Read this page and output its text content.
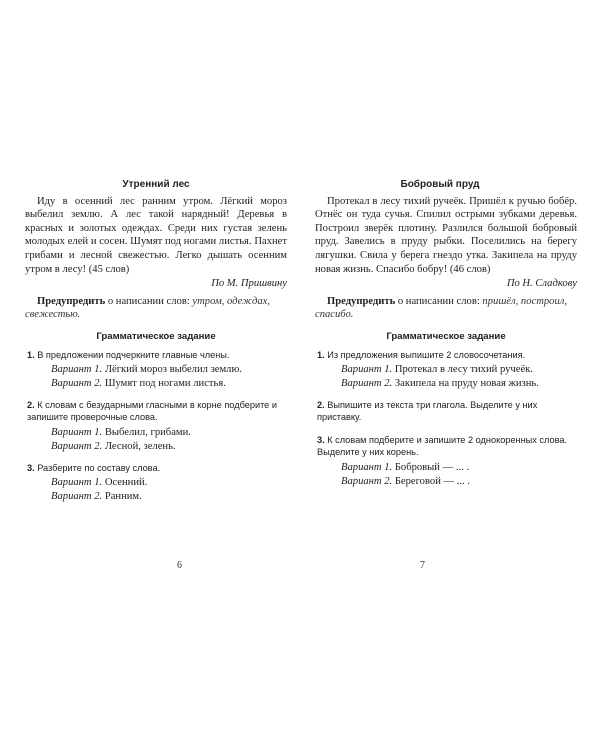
Утренний лес

Иду в осенний лес ранним утром. Лёгкий мороз выбелил землю. А лес такой нарядный! Деревья в красных и золотых одеждах. Среди них густая зелень молодых елей и сосен. Шумят под ногами листья. Пахнет грибами и лесной свежестью. Легко дышать осенним утром в лесу! (45 слов)

По М. Пришвину

Предупредить о написании слов: утром, одеждах, свежестью.

Грамматическое задание
1. В предложении подчеркните главные члены.
Вариант 1. Лёгкий мороз выбелил землю.
Вариант 2. Шумят под ногами листья.
2. К словам с безударными гласными в корне подберите и запишите проверочные слова.
Вариант 1. Выбелил, грибами.
Вариант 2. Лесной, зелень.
3. Разберите по составу слова.
Вариант 1. Осенний.
Вариант 2. Ранним.
Бобровый пруд

Протекал в лесу тихий ручеёк. Пришёл к ручью бобёр. Отнёс он туда сучья. Спилил острыми зубками деревья. Построил зверёк плотину. Разлился большой бобровый пруд. Завелись в пруду рыбки. Поселились на берегу лягушки. Свила у берега гнездо утка. Закипела на пруду новая жизнь. Спасибо бобру! (46 слов)

По Н. Сладкову

Предупредить о написании слов: пришёл, построил, спасибо.

Грамматическое задание
1. Из предложения выпишите 2 словосочетания.
Вариант 1. Протекал в лесу тихий ручеёк.
Вариант 2. Закипела на пруду новая жизнь.
2. Выпишите из текста три глагола. Выделите у них приставку.
3. К словам подберите и запишите 2 однокоренных слова. Выделите у них корень.
Вариант 1. Бобровый — ... .
Вариант 2. Береговой — ... .
6	7
